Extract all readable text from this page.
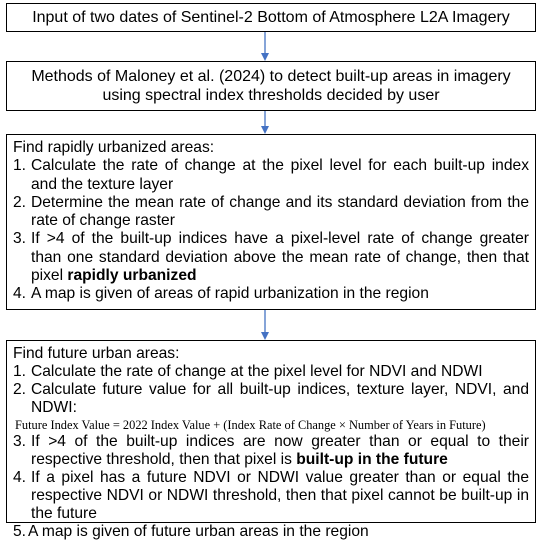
Input of two dates of Sentinel-2 Bottom of Atmosphere L2A Imagery
Methods of Maloney et al. (2024) to detect built-up areas in imagery using spectral index thresholds decided by user
Find rapidly urbanized areas:
1. Calculate the rate of change at the pixel level for each built-up index and the texture layer
2. Determine the mean rate of change and its standard deviation from the rate of change raster
3. If >4 of the built-up indices have a pixel-level rate of change greater than one standard deviation above the mean rate of change, then that pixel rapidly urbanized
4. A map is given of areas of rapid urbanization in the region
Find future urban areas:
1. Calculate the rate of change at the pixel level for NDVI and NDWI
2. Calculate future value for all built-up indices, texture layer, NDVI, and NDWI:
Future Index Value = 2022 Index Value + (Index Rate of Change × Number of Years in Future)
3. If >4 of the built-up indices are now greater than or equal to their respective threshold, then that pixel is built-up in the future
4. If a pixel has a future NDVI or NDWI value greater than or equal the respective NDVI or NDWI threshold, then that pixel cannot be built-up in the future
5. A map is given of future urban areas in the region
